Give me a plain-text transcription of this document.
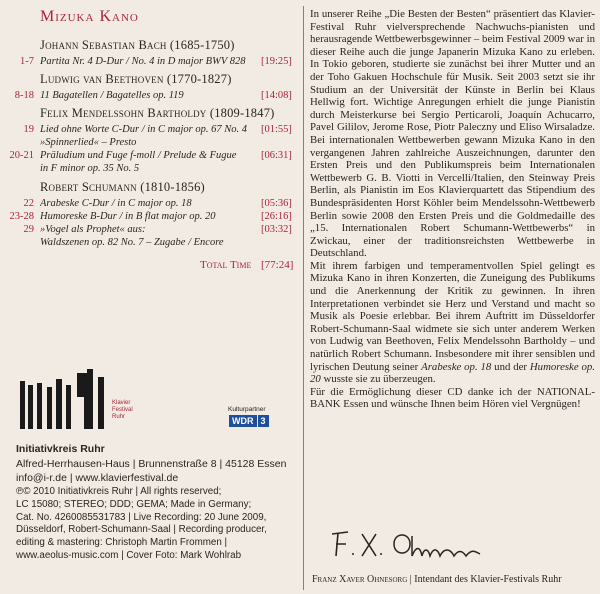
Mizuka Kano
Johann Sebastian Bach (1685-1750)
1-7 Partita Nr. 4 D-Dur / No. 4 in D major BWV 828	[19:25]
Ludwig van Beethoven (1770-1827)
8-18 11 Bagatellen / Bagatelles op. 119	[14:08]
Felix Mendelssohn Bartholdy (1809-1847)
19 Lied ohne Worte C-Dur / in C major op. 67 No. 4 [01:55]
»Spinnerlied« – Presto
20-21 Präludium und Fuge f-moll / Prelude & Fugue	[06:31]
in F minor op. 35 No. 5
Robert Schumann (1810-1856)
22 Arabeske C-Dur / in C major op. 18	[05:36]
23-28 Humoreske B-Dur / in B flat major op. 20	[26:16]
29 »Vogel als Prophet« aus:	[03:32]
Waldszenen op. 82 No. 7 – Zugabe / Encore
Total Time [77:24]
Klavier
Festival
Ruhr
Kulturpartner
WDR 3
Initiativkreis Ruhr
Alfred-Herrhausen-Haus | Brunnenstraße 8 | 45128 Essen
info@i-r.de | www.klavierfestival.de
℗© 2010 Initiativkreis Ruhr | All rights reserved;
LC 15080; STEREO; DDD; GEMA; Made in Germany;
Cat. No. 4260085531783 | Live Recording: 20 June 2009,
Düsseldorf, Robert-Schumann-Saal | Recording producer,
editing & mastering: Christoph Martin Frommen |
www.aeolus-music.com | Cover Foto: Mark Wohlrab

In unserer Reihe „Die Besten der Besten“ präsentiert das Klavier-Festival Ruhr vielversprechende Nachwuchs-pianisten und herausragende Wettbewerbsgewinner – beim Festival 2009 war in dieser Reihe auch die junge Japanerin Mizuka Kano zu erleben. In Tokio geboren, studierte sie zunächst bei ihrer Mutter und an der Toho Gakuen Hochschule für Musik. Seit 2003 setzt sie ihr Studium an der Universität der Künste in Berlin bei Klaus Hellwig fort. Wichtige Anregungen erhielt die junge Pianistin durch Meisterkurse bei Sergio Perticaroli, Joaquín Achucarro, Pavel Gililov, Jerome Rose, Piotr Paleczny und Eliso Wirsaladze. Bei internationalen Wettbewerben gewann Mizuka Kano in den vergangenen Jahren zahlreiche Auszeichnungen, darunter den Ersten Preis und den Publikumspreis beim Internationalen Wettbewerb G. B. Viotti in Vercelli/Italien, den Steinway Preis Berlin, als Pianistin im Eos Klavierquartett das Stipendium des Bundespräsidenten Horst Köhler beim Mendelssohn-Wettbewerb Berlin sowie 2008 den Ersten Preis und die Goldmedaille des „15. Internationalen Robert Schumann-Wettbewerbs“ in Zwickau, einer der traditionsreichsten Wettbewerbe in Deutschland.

Mit ihrem farbigen und temperamentvollen Spiel gelingt es Mizuka Kano in ihren Konzerten, die Zuneigung des Publikums und die Anerkennung der Kritik zu gewinnen. In ihren Interpretationen verbindet sie Herz und Verstand und macht so Musik als Poesie erlebbar. Bei ihrem Auftritt im Düsseldorfer Robert-Schumann-Saal widmete sie sich unter anderem Werken von Ludwig van Beethoven, Felix Mendelssohn Bartholdy – und natürlich Robert Schumann. Insbesondere mit ihrer sensiblen und lyrischen Deutung seiner Arabeske op. 18 und der Humoreske op. 20 wusste sie zu überzeugen.

Für die Ermöglichung dieser CD danke ich der NATIONAL-BANK Essen und wünsche Ihnen beim Hören viel Vergnügen!

Franz Xaver Ohnesorg | Intendant des Klavier-Festivals Ruhr
